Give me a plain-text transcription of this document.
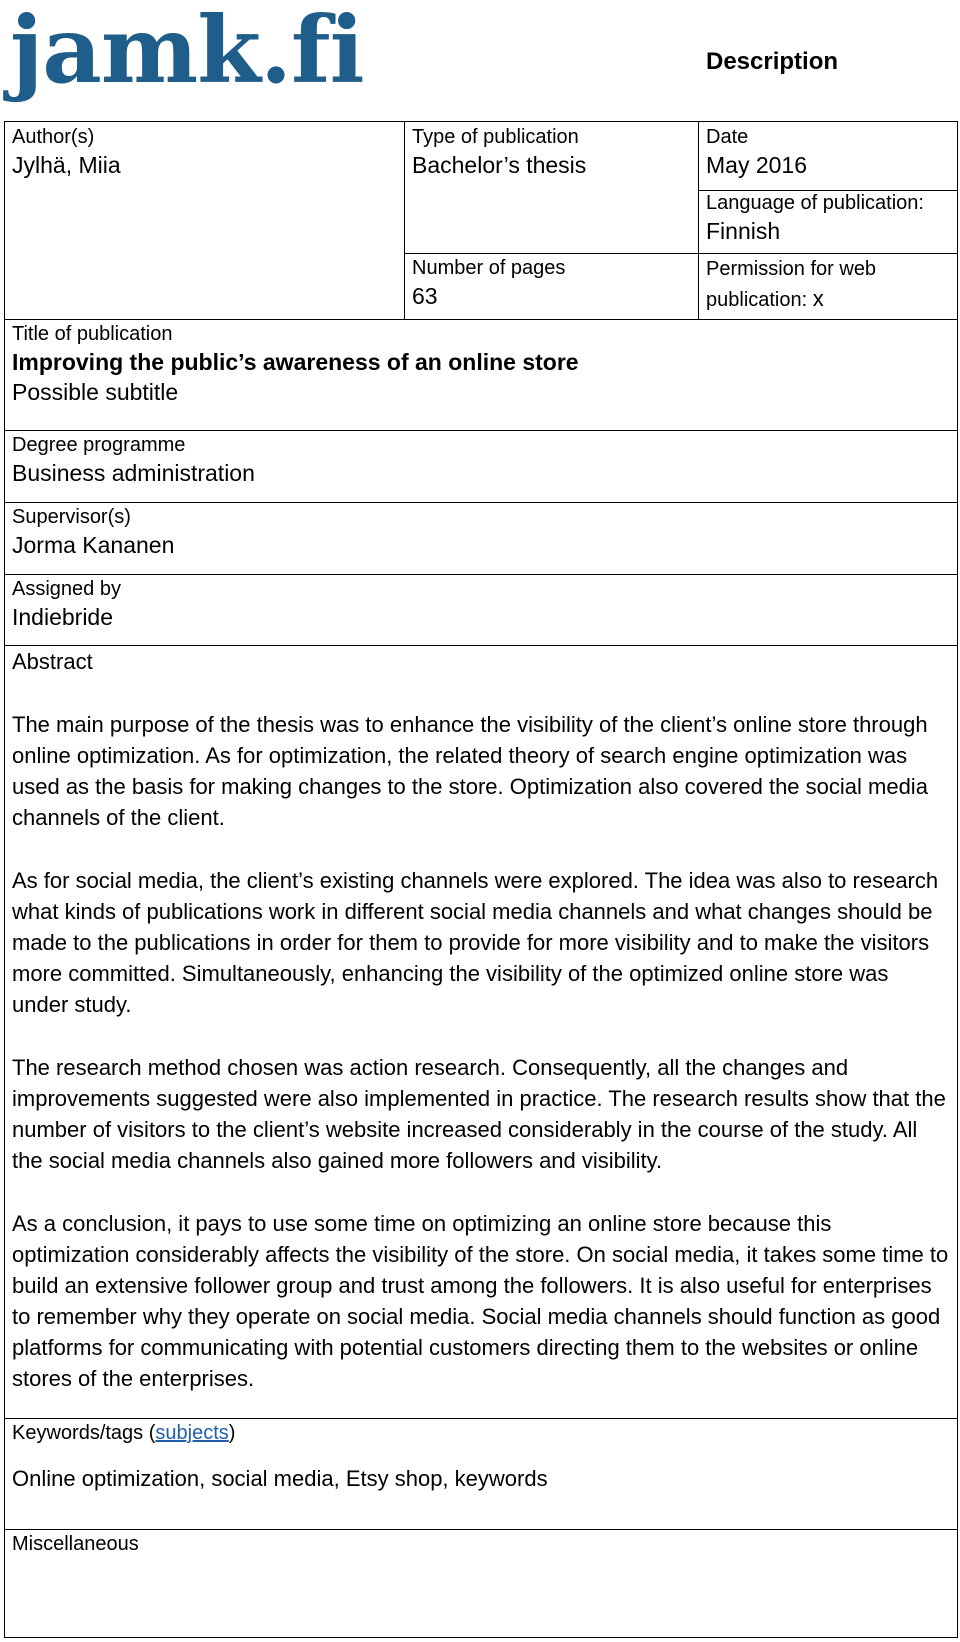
jamk.fi	Description
Author(s)
Jylhä, Miia
Type of publication
Bachelor’s thesis
Date
May 2016
Language of publication:
Finnish
Number of pages
63
Permission for web publication: x
Title of publication
Improving the public’s awareness of an online store
Possible subtitle
Degree programme
Business administration
Supervisor(s)
Jorma Kananen
Assigned by
Indiebride
Abstract

The main purpose of the thesis was to enhance the visibility of the client’s online store through online optimization. As for optimization, the related theory of search engine optimization was used as the basis for making changes to the store. Optimization also covered the social media channels of the client.

As for social media, the client’s existing channels were explored. The idea was also to research what kinds of publications work in different social media channels and what changes should be made to the publications in order for them to provide for more visibility and to make the visitors more committed. Simultaneously, enhancing the visibility of the optimized online store was under study.

The research method chosen was action research. Consequently, all the changes and improvements suggested were also implemented in practice. The research results show that the number of visitors to the client’s website increased considerably in the course of the study. All the social media channels also gained more followers and visibility.

As a conclusion, it pays to use some time on optimizing an online store because this optimization considerably affects the visibility of the store. On social media, it takes some time to build an extensive follower group and trust among the followers. It is also useful for enterprises to remember why they operate on social media. Social media channels should function as good platforms for communicating with potential customers directing them to the websites or online stores of the enterprises.

Keywords/tags (subjects)
Online optimization, social media, Etsy shop, keywords
Miscellaneous
